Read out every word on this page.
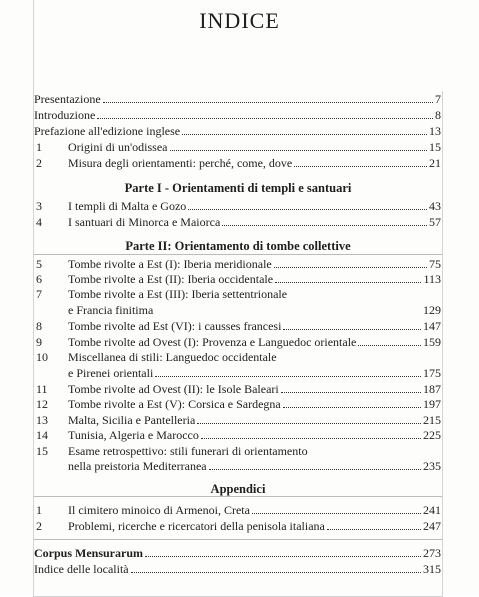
INDICE
Presentazione	7
Introduzione	8
Prefazione all'edizione inglese	13
1	Origini di un'odissea	15
2	Misura degli orientamenti: perché, come, dove	21
Parte I - Orientamenti di templi e santuari
3	I templi di Malta e Gozo	43
4	I santuari di Minorca e Maiorca	57
Parte II: Orientamento di tombe collettive
5	Tombe rivolte a Est (I): Iberia meridionale	75
6	Tombe rivolte a Est (II): Iberia occidentale	113
7	Tombe rivolte a Est (III): Iberia settentrionale
e Francia finitima	129
8	Tombe rivolte ad Est (VI): i causses francesi	147
9	Tombe rivolte ad Ovest (I): Provenza e Languedoc orientale	159
10	Miscellanea di stili: Languedoc occidentale
e Pirenei orientali	175
11	Tombe rivolte ad Ovest (II): le Isole Baleari	187
12	Tombe rivolte a Est (V): Corsica e Sardegna	197
13	Malta, Sicilia e Pantelleria	215
14	Tunisia, Algeria e Marocco	225
15	Esame retrospettivo: stili funerari di orientamento
nella preistoria Mediterranea	235
Appendici
1	Il cimitero minoico di Armenoi, Creta	241
2	Problemi, ricerche e ricercatori della penisola italiana	247
Corpus Mensurarum	273
Indice delle località	315
